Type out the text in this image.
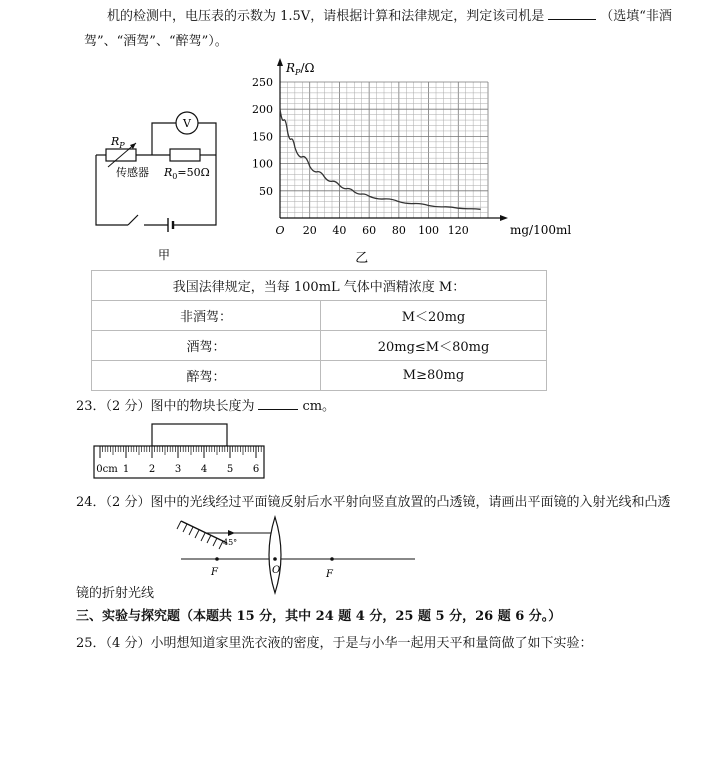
机的检测中，电压表的示数为 1.5V，请根据计算和法律规定，判定该司机是	（选填“非酒
驾”、“酒驾”、“醉驾”）。
V
$R_P$
传感器 $R_0=50\Omega$
甲
O 20 40 60 80 100 120
50
100
150
200
250
$R_P/\Omega$
mg/100ml
乙
我国法律规定，当每 100mL 气体中酒精浓度 M：	
非酒驾：	M＜20mg
酒驾：	20mg≤M＜80mg
醉驾：	M≥80mg
23．（2 分）图中的物块长度为	cm。
0cm 1 2 3 4 5 6
24．（2 分）图中的光线经过平面镜反射后水平射向竖直放置的凸透镜，请画出平面镜的入射光线和凸透
45°
F	O	F
镜的折射光线
三、实验与探究题（本题共 15 分，其中 24 题 4 分，25 题 5 分，26 题 6 分。）
25．（4 分）小明想知道家里洗衣液的密度，于是与小华一起用天平和量筒做了如下实验：
